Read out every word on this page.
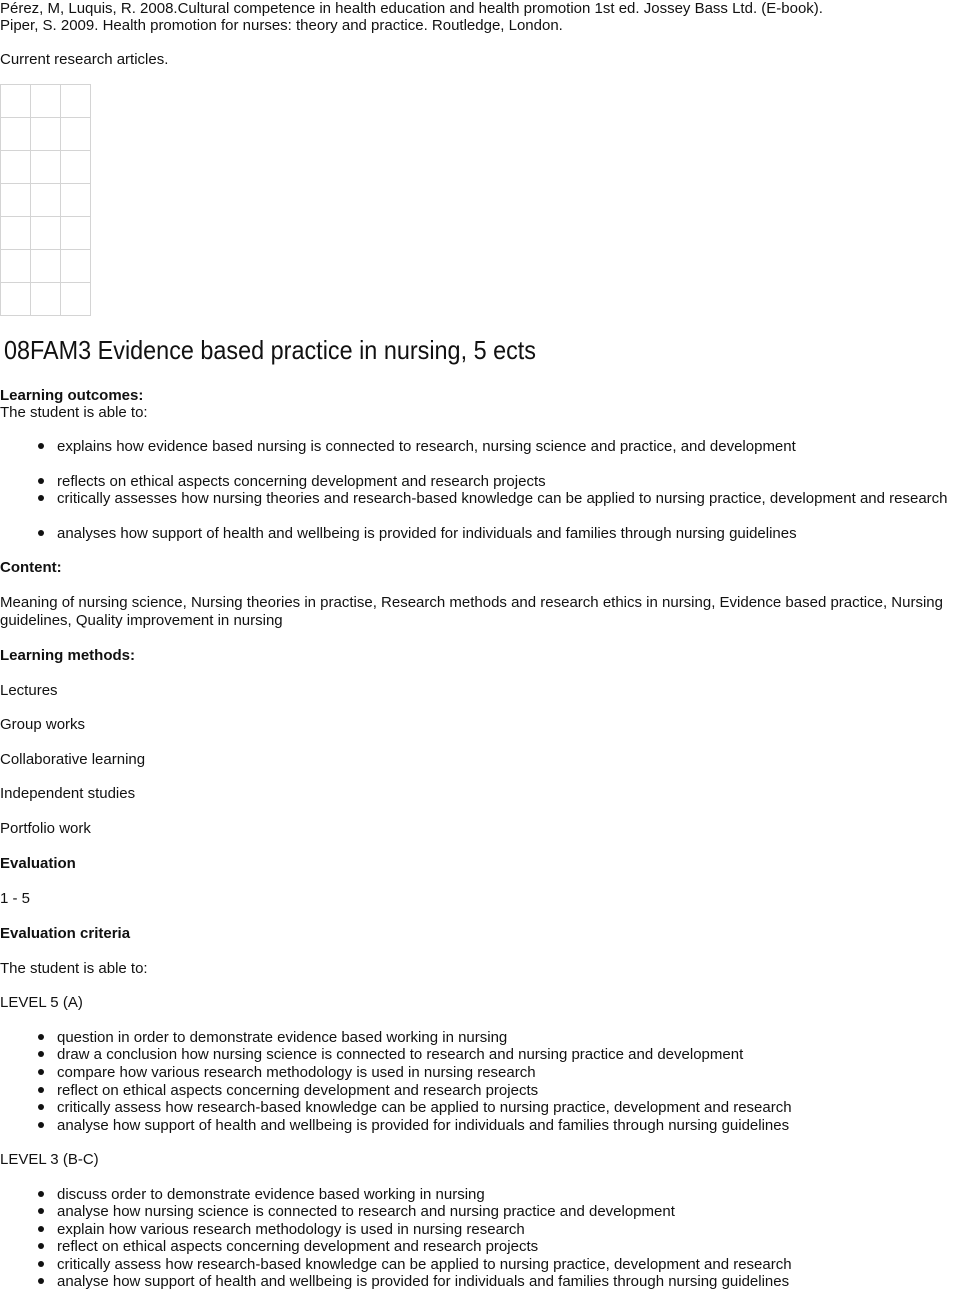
Pérez, M, Luquis, R. 2008.Cultural competence in health education and health promotion 1st ed. Jossey Bass Ltd. (E-book).
Piper, S. 2009. Health promotion for nurses: theory and practice. Routledge, London.
Current research articles.
08FAM3 Evidence based practice in nursing, 5 ects
Learning outcomes:
The student is able to:
explains how evidence based nursing is connected to research, nursing science and practice, and development
reflects on ethical aspects concerning development and research projects
critically assesses how nursing theories and research-based knowledge can be applied to nursing practice, development and research
analyses how support of health and wellbeing is provided for individuals and families through nursing guidelines
Content:
Meaning of nursing science, Nursing theories in practise, Research methods and research ethics in nursing, Evidence based practice, Nursing guidelines, Quality improvement in nursing
Learning methods:
Lectures
Group works
Collaborative learning
Independent studies
Portfolio work
Evaluation
1 - 5
Evaluation criteria
The student is able to:
LEVEL 5 (A)
question in order to demonstrate evidence based working in nursing
draw a conclusion how nursing science is connected to research and nursing practice and development
compare how various research methodology is used in nursing research
reflect on ethical aspects concerning development and research projects
critically assess how research-based knowledge can be applied to nursing practice, development and research
analyse how support of health and wellbeing is provided for individuals and families through nursing guidelines
LEVEL 3 (B-C)
discuss order to demonstrate evidence based working in nursing
analyse how nursing science is connected to research and nursing practice and development
explain how various research methodology is used in nursing research
reflect on ethical aspects concerning development and research projects
critically assess how research-based knowledge can be applied to nursing practice, development and research
analyse how support of health and wellbeing is provided for individuals and families through nursing guidelines
